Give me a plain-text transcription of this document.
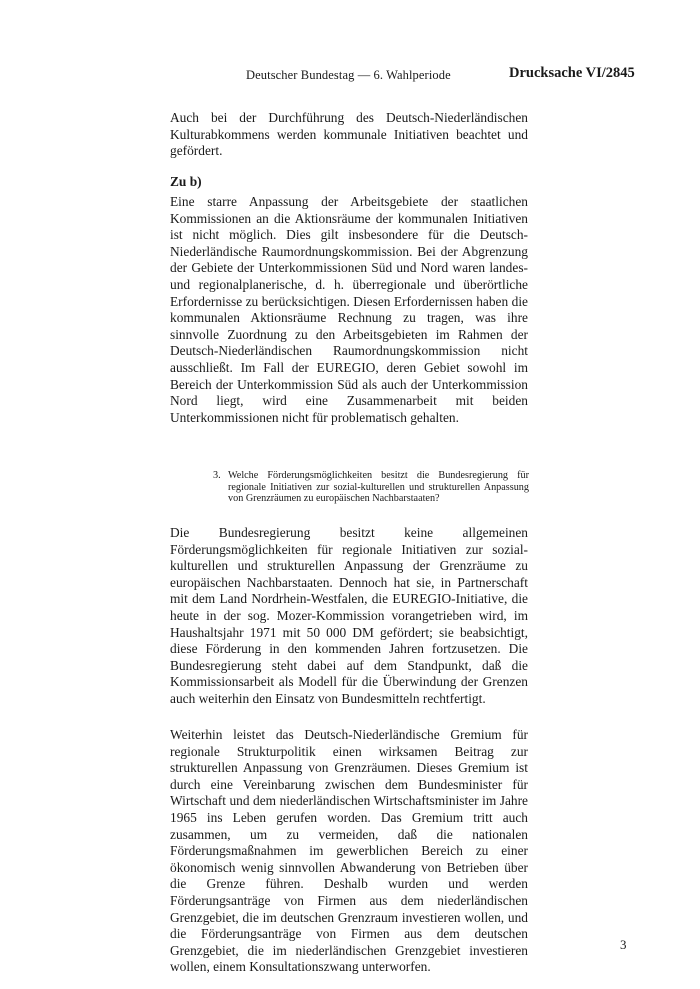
Deutscher Bundestag — 6. Wahlperiode	Drucksache VI/2845

Auch bei der Durchführung des Deutsch-Niederländischen Kulturabkommens werden kommunale Initiativen beachtet und gefördert.

Zu b)

Eine starre Anpassung der Arbeitsgebiete der staatlichen Kommissionen an die Aktionsräume der kommunalen Initiativen ist nicht möglich. Dies gilt insbesondere für die Deutsch-Niederländische Raumordnungskommission. Bei der Abgrenzung der Gebiete der Unterkommissionen Süd und Nord waren landes- und regionalplanerische, d. h. überregionale und überörtliche Erfordernisse zu berücksichtigen. Diesen Erfordernissen haben die kommunalen Aktionsräume Rechnung zu tragen, was ihre sinnvolle Zuordnung zu den Arbeitsgebieten im Rahmen der Deutsch-Niederländischen Raumordnungskommission nicht ausschließt. Im Fall der EUREGIO, deren Gebiet sowohl im Bereich der Unterkommission Süd als auch der Unterkommission Nord liegt, wird eine Zusammenarbeit mit beiden Unterkommissionen nicht für problematisch gehalten.

3. Welche Förderungsmöglichkeiten besitzt die Bundesregierung für regionale Initiativen zur sozial-kulturellen und strukturellen Anpassung von Grenzräumen zu europäischen Nachbarstaaten?

Die Bundesregierung besitzt keine allgemeinen Förderungsmöglichkeiten für regionale Initiativen zur sozial-kulturellen und strukturellen Anpassung der Grenzräume zu europäischen Nachbarstaaten. Dennoch hat sie, in Partnerschaft mit dem Land Nordrhein-Westfalen, die EUREGIO-Initiative, die heute in der sog. Mozer-Kommission vorangetrieben wird, im Haushaltsjahr 1971 mit 50 000 DM gefördert; sie beabsichtigt, diese Förderung in den kommenden Jahren fortzusetzen. Die Bundesregierung steht dabei auf dem Standpunkt, daß die Kommissionsarbeit als Modell für die Überwindung der Grenzen auch weiterhin den Einsatz von Bundesmitteln rechtfertigt.

Weiterhin leistet das Deutsch-Niederländische Gremium für regionale Strukturpolitik einen wirksamen Beitrag zur strukturellen Anpassung von Grenzräumen. Dieses Gremium ist durch eine Vereinbarung zwischen dem Bundesminister für Wirtschaft und dem niederländischen Wirtschaftsminister im Jahre 1965 ins Leben gerufen worden. Das Gremium tritt auch zusammen, um zu vermeiden, daß die nationalen Förderungsmaßnahmen im gewerblichen Bereich zu einer ökonomisch wenig sinnvollen Abwanderung von Betrieben über die Grenze führen. Deshalb wurden und werden Förderungsanträge von Firmen aus dem niederländischen Grenzgebiet, die im deutschen Grenzraum investieren wollen, und die Förderungsanträge von Firmen aus dem deutschen Grenzgebiet, die im niederländischen Grenzgebiet investieren wollen, einem Konsultationszwang unterworfen.

3
